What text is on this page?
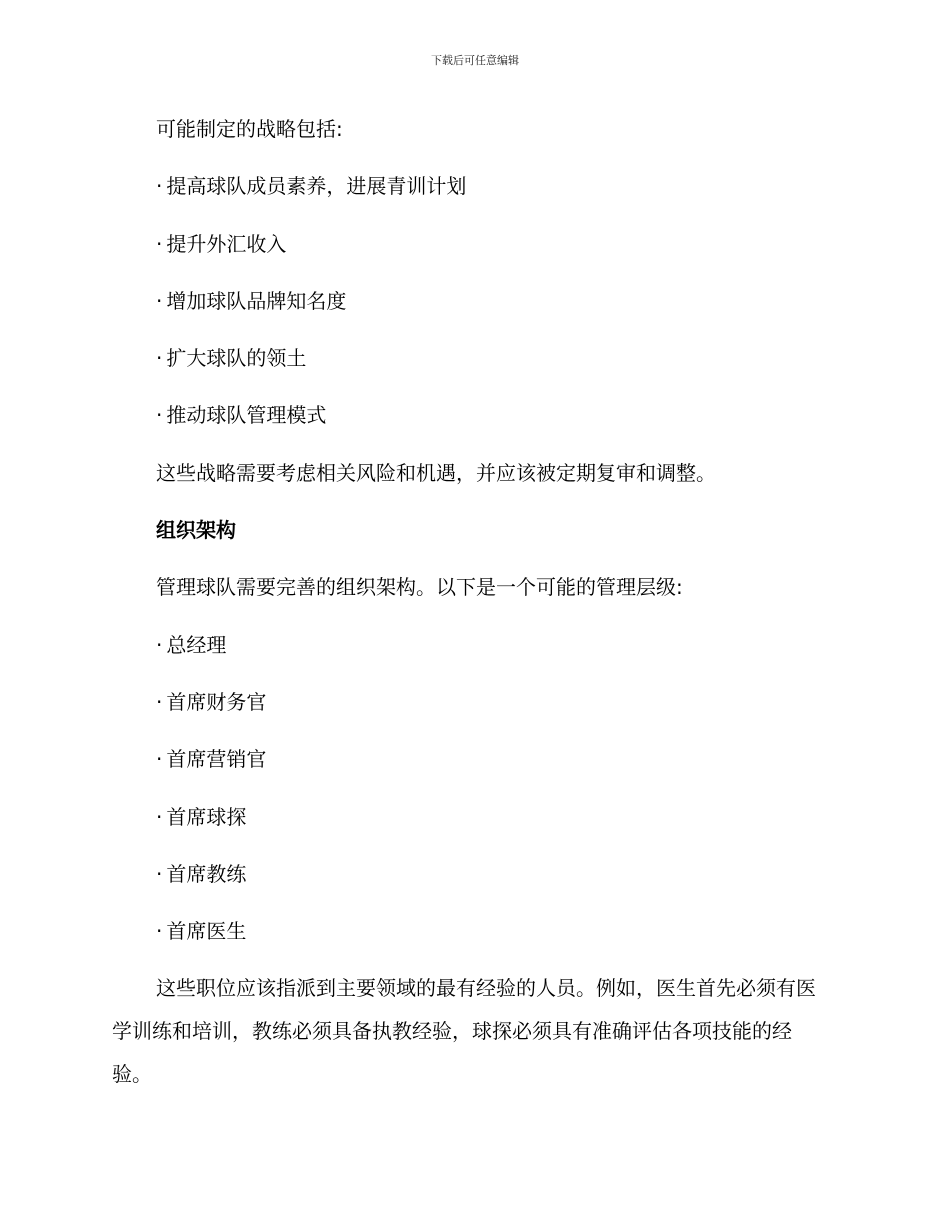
下载后可任意编辑

可能制定的战略包括:

· 提高球队成员素养，进展青训计划

· 提升外汇收入

· 增加球队品牌知名度

· 扩大球队的领土

· 推动球队管理模式

这些战略需要考虑相关风险和机遇，并应该被定期复审和调整。

组织架构

管理球队需要完善的组织架构。以下是一个可能的管理层级:

· 总经理

· 首席财务官

· 首席营销官

· 首席球探

· 首席教练

· 首席医生

这些职位应该指派到主要领域的最有经验的人员。例如，医生首先必须有医学训练和培训，教练必须具备执教经验，球探必须具有准确评估各项技能的经验。
